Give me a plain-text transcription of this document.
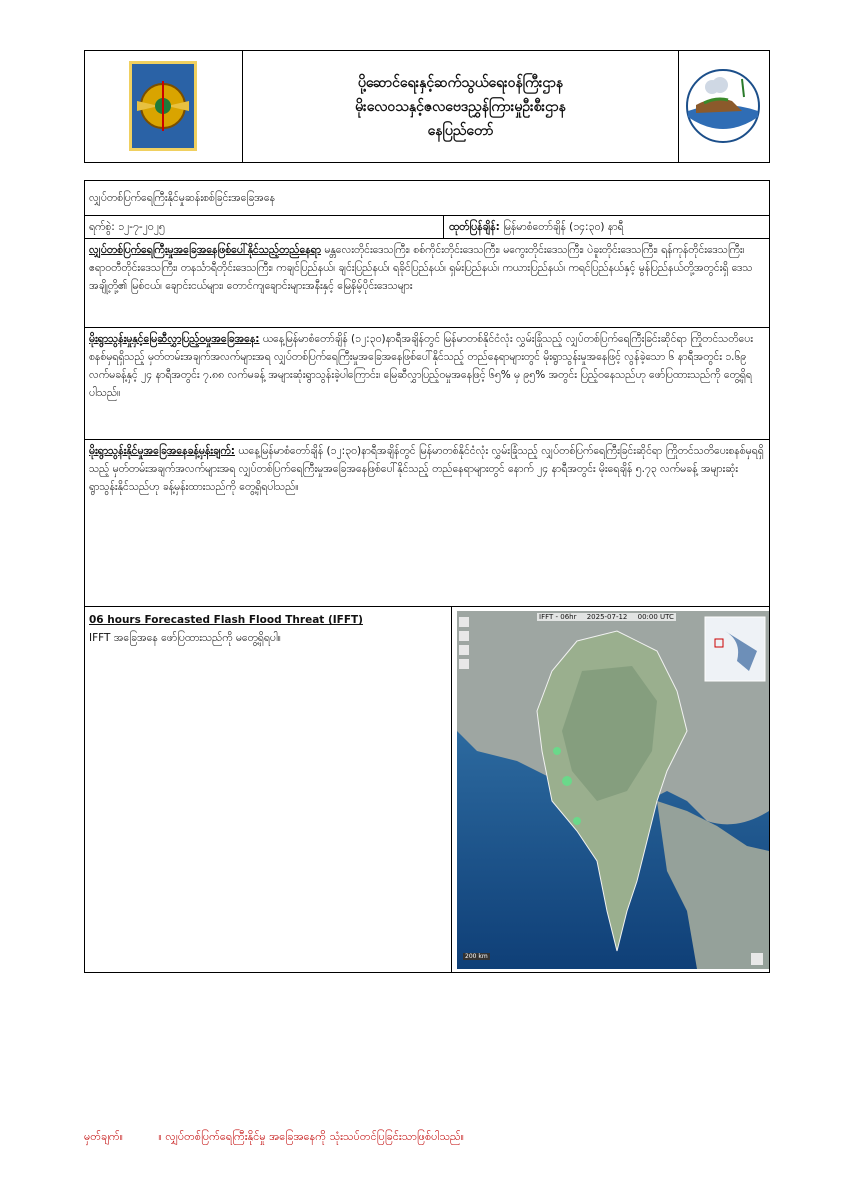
ပို့ဆောင်ရေးနှင့်ဆက်သွယ်ရေးဝန်ကြီးဌာန
မိုးလေဝသနှင့်ဇလဗေဒညွှန်ကြားမှုဦးစီးဌာန
နေပြည်တော်
လျှပ်တစ်ပြက်ရေကြီးနိုင်မှုဆန်းစစ်ခြင်းအခြေအနေ
ရက်စွဲ: ၁၂-၇-၂၀၂၅	ထုတ်ပြန်ချိန်: မြန်မာစံတော်ချိန် (၁၄:၃၀) နာရီ
လျှပ်တစ်ပြက်ရေကြီးမှုအခြေအနေဖြစ်ပေါ်နိုင်သည့်တည်နေရာ မန္တလေးတိုင်းဒေသကြီး၊ စစ်ကိုင်းတိုင်းဒေသကြီး၊ မကွေးတိုင်းဒေသကြီး၊ ပဲခူးတိုင်းဒေသကြီး၊ ရန်ကုန်တိုင်းဒေသကြီး၊ ဧရာဝတီတိုင်းဒေသကြီး၊ တနင်္သာရီတိုင်းဒေသကြီး၊ ကချင်ပြည်နယ်၊ ချင်းပြည်နယ်၊ ရခိုင်ပြည်နယ်၊ ရှမ်းပြည်နယ်၊ ကယားပြည်နယ်၊ ကရင်ပြည်နယ်နှင့် မွန်ပြည်နယ်တို့အတွင်းရှိ ဒေသအချို့တို့၏ မြစ်ငယ်၊ ချောင်းငယ်များ၊ တောင်ကျချောင်းများအနီးနှင့် မြေနိမ့်ပိုင်းဒေသများ
မိုးရွာသွန်းမှုနှင့်မြေဆီလွှာပြည့်ဝမှုအခြေအနေ: ယနေ့မြန်မာစံတော်ချိန် (၁၂:၃၀)နာရီအချိန်တွင် မြန်မာတစ်နိုင်ငံလုံး လွှမ်းခြုံသည့် လျှပ်တစ်ပြက်ရေကြီးခြင်းဆိုင်ရာ ကြိုတင်သတိပေးစနစ်မှရရှိသည့် မှတ်တမ်းအချက်အလက်များအရ လျှပ်တစ်ပြက်ရေကြီးမှုအခြေအနေဖြစ်ပေါ်နိုင်သည့် တည်နေရာများတွင် မိုးရွာသွန်းမှုအနေဖြင့် လွန်ခဲ့သော ၆ နာရီအတွင်း ၁.၆၉ လက်မခန့်နှင့် ၂၄ နာရီအတွင်း ၇.၈၈ လက်မခန့် အများဆုံးရွာသွန်းခဲ့ပါကြောင်း၊ မြေဆီလွှာပြည့်ဝမှုအနေဖြင့် ၆၅% မှ ၉၅% အတွင်း ပြည့်ဝနေသည်ဟု ဖော်ပြထားသည်ကို တွေ့ရှိရပါသည်။
မိုးရွာသွန်းနိုင်မှုအခြေအနေခန့်မှန်းချက်: ယနေ့မြန်မာစံတော်ချိန် (၁၂:၃၀)နာရီအချိန်တွင် မြန်မာတစ်နိုင်ငံလုံး လွှမ်းခြုံသည့် လျှပ်တစ်ပြက်ရေကြီးခြင်းဆိုင်ရာ ကြိုတင်သတိပေးစနစ်မှရရှိသည့် မှတ်တမ်းအချက်အလက်များအရ လျှပ်တစ်ပြက်ရေကြီးမှုအခြေအနေဖြစ်ပေါ်နိုင်သည့် တည်နေရာများတွင် နောက် ၂၄ နာရီအတွင်း မိုးရေချိန် ၅.၇၃ လက်မခန့် အများဆုံး ရွာသွန်းနိုင်သည်ဟု ခန့်မှန်းထားသည်ကို တွေ့ရှိရပါသည်။
06 hours Forecasted Flash Flood Threat (IFFT)
IFFT အခြေအနေ ဖော်ပြထားသည်ကို မတွေ့ရှိရပါ။
IFFT - 06hr 2025-07-12 00:00 UTC
200 km
မှတ်ချက်။	။ လျှပ်တစ်ပြက်ရေကြီးနိုင်မှု အခြေအနေကို သုံးသပ်တင်ပြခြင်းသာဖြစ်ပါသည်။
